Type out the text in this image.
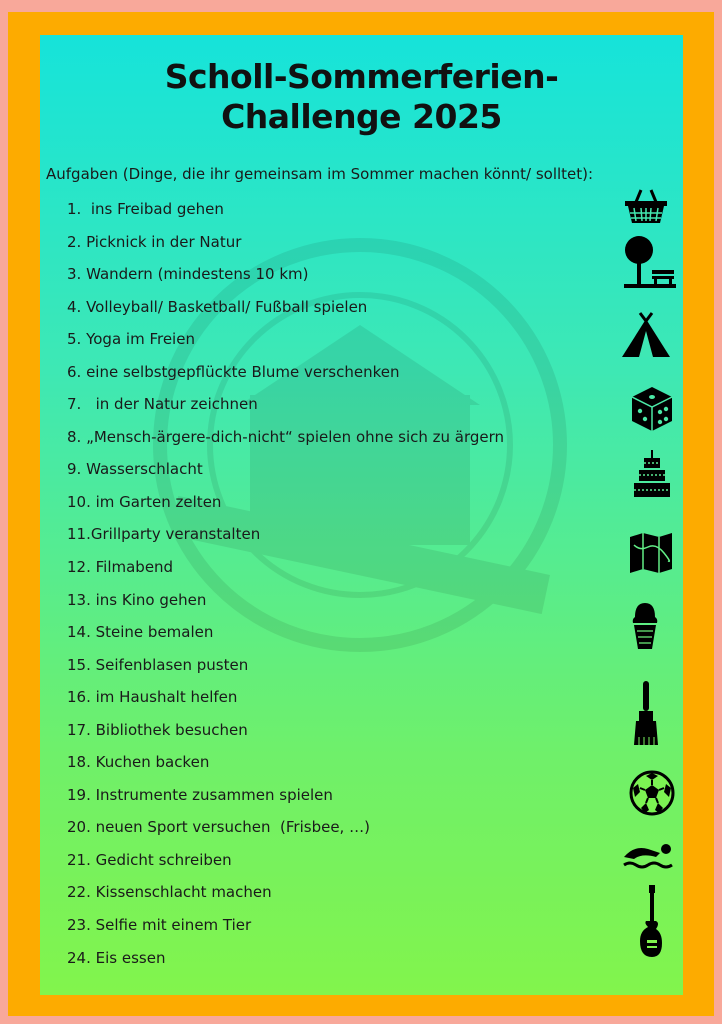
Scholl-Sommerferien-
Challenge 2025
Aufgaben (Dinge, die ihr gemeinsam im Sommer machen könnt/ solltet):
1.  ins Freibad gehen
2. Picknick in der Natur
3. Wandern (mindestens 10 km)
4. Volleyball/ Basketball/ Fußball spielen
5. Yoga im Freien
6. eine selbstgepflückte Blume verschenken
7.   in der Natur zeichnen
8. „Mensch-ärgere-dich-nicht“ spielen ohne sich zu ärgern
9. Wasserschlacht
10. im Garten zelten
11.Grillparty veranstalten
12. Filmabend
13. ins Kino gehen
14. Steine bemalen
15. Seifenblasen pusten
16. im Haushalt helfen
17. Bibliothek besuchen
18. Kuchen backen
19. Instrumente zusammen spielen
20. neuen Sport versuchen  (Frisbee, …)
21. Gedicht schreiben
22. Kissenschlacht machen
23. Selfie mit einem Tier
24. Eis essen
